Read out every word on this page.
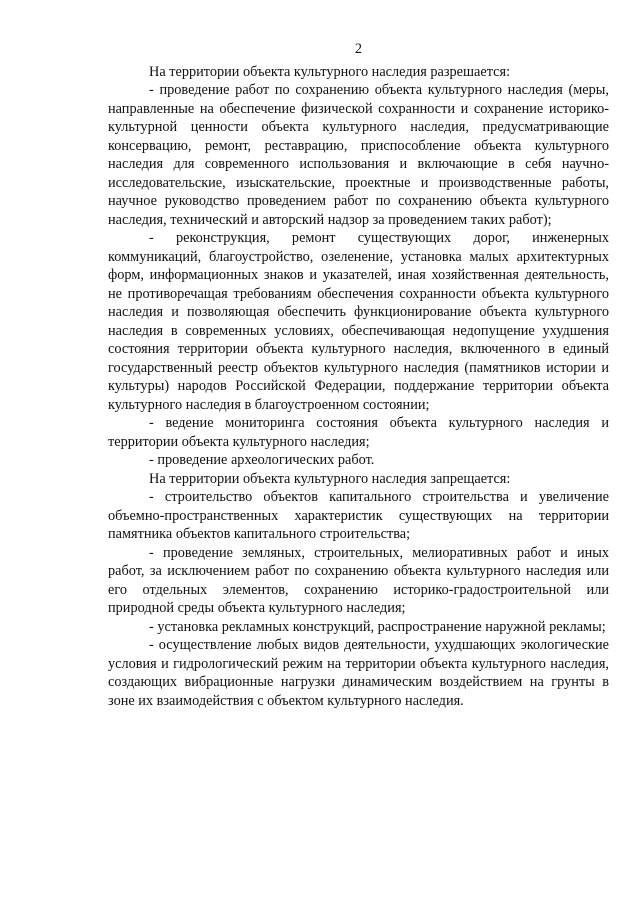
2

На территории объекта культурного наследия разрешается:

- проведение работ по сохранению объекта культурного наследия (меры, направленные на обеспечение физической сохранности и сохранение историко-культурной ценности объекта культурного наследия, предусматривающие консервацию, ремонт, реставрацию, приспособление объекта культурного наследия для современного использования и включающие в себя научно-исследовательские, изыскательские, проектные и производственные работы, научное руководство проведением работ по сохранению объекта культурного наследия, технический и авторский надзор за проведением таких работ);

- реконструкция, ремонт существующих дорог, инженерных коммуникаций, благоустройство, озеленение, установка малых архитектурных форм, информационных знаков и указателей, иная хозяйственная деятельность, не противоречащая требованиям обеспечения сохранности объекта культурного наследия и позволяющая обеспечить функционирование объекта культурного наследия в современных условиях, обеспечивающая недопущение ухудшения состояния территории объекта культурного наследия, включенного в единый государственный реестр объектов культурного наследия (памятников истории и культуры) народов Российской Федерации, поддержание территории объекта культурного наследия в благоустроенном состоянии;

- ведение мониторинга состояния объекта культурного наследия и территории объекта культурного наследия;

- проведение археологических работ.

На территории объекта культурного наследия запрещается:

- строительство объектов капитального строительства и увеличение объемно-пространственных характеристик существующих на территории памятника объектов капитального строительства;

- проведение земляных, строительных, мелиоративных работ и иных работ, за исключением работ по сохранению объекта культурного наследия или его отдельных элементов, сохранению историко-градостроительной или природной среды объекта культурного наследия;

- установка рекламных конструкций, распространение наружной рекламы;

- осуществление любых видов деятельности, ухудшающих экологические условия и гидрологический режим на территории объекта культурного наследия, создающих вибрационные нагрузки динамическим воздействием на грунты в зоне их взаимодействия с объектом культурного наследия.
